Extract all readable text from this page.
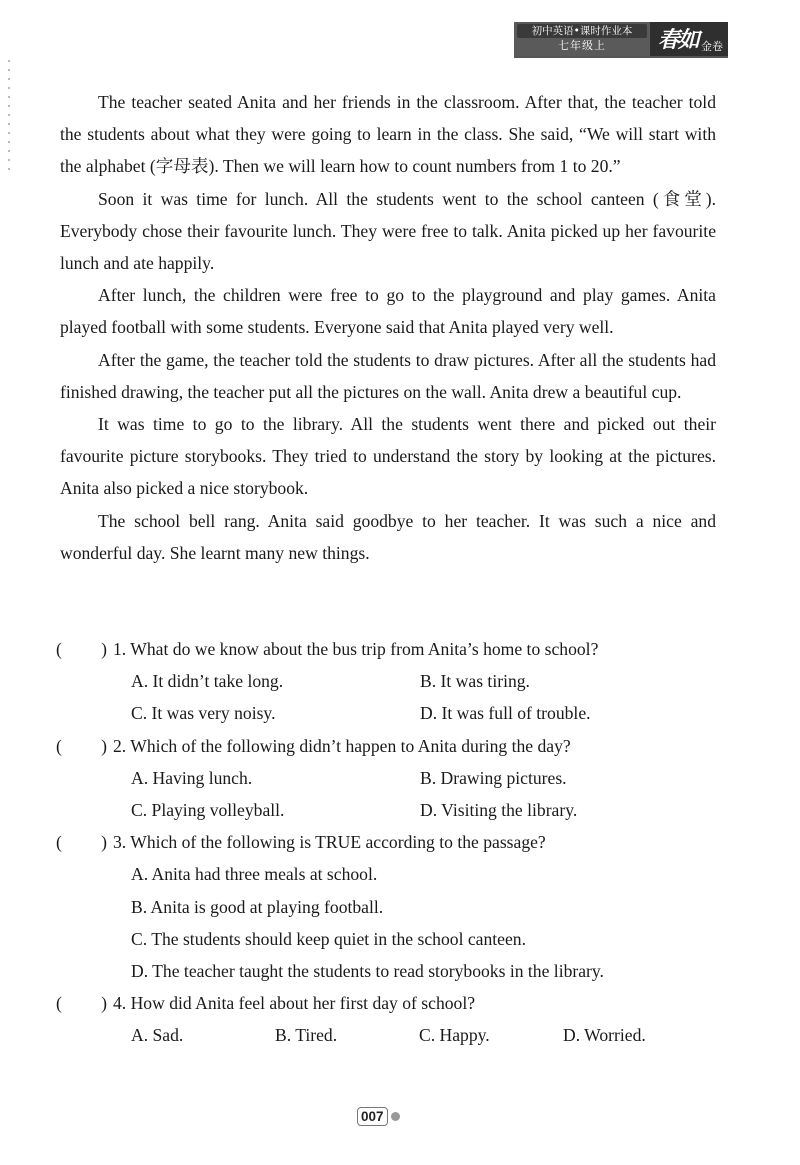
初中英语•课时作业本
七年级上	春如 金卷

The teacher seated Anita and her friends in the classroom. After that, the teacher told the students about what they were going to learn in the class. She said, “We will start with the alphabet (字母表). Then we will learn how to count numbers from 1 to 20.”

Soon it was time for lunch. All the students went to the school canteen (食堂). Everybody chose their favourite lunch. They were free to talk. Anita picked up her favourite lunch and ate happily.

After lunch, the children were free to go to the playground and play games. Anita played football with some students. Everyone said that Anita played very well.

After the game, the teacher told the students to draw pictures. After all the students had finished drawing, the teacher put all the pictures on the wall. Anita drew a beautiful cup.

It was time to go to the library. All the students went there and picked out their favourite picture storybooks. They tried to understand the story by looking at the pictures. Anita also picked a nice storybook.

The school bell rang. Anita said goodbye to her teacher. It was such a nice and wonderful day. She learnt many new things.

( ) 1. What do we know about the bus trip from Anita’s home to school?
A. It didn’t take long.	B. It was tiring.
C. It was very noisy.	D. It was full of trouble.
( ) 2. Which of the following didn’t happen to Anita during the day?
A. Having lunch.	B. Drawing pictures.
C. Playing volleyball.	D. Visiting the library.
( ) 3. Which of the following is TRUE according to the passage?
A. Anita had three meals at school.
B. Anita is good at playing football.
C. The students should keep quiet in the school canteen.
D. The teacher taught the students to read storybooks in the library.
( ) 4. How did Anita feel about her first day of school?
A. Sad.	B. Tired.	C. Happy.	D. Worried.
007
